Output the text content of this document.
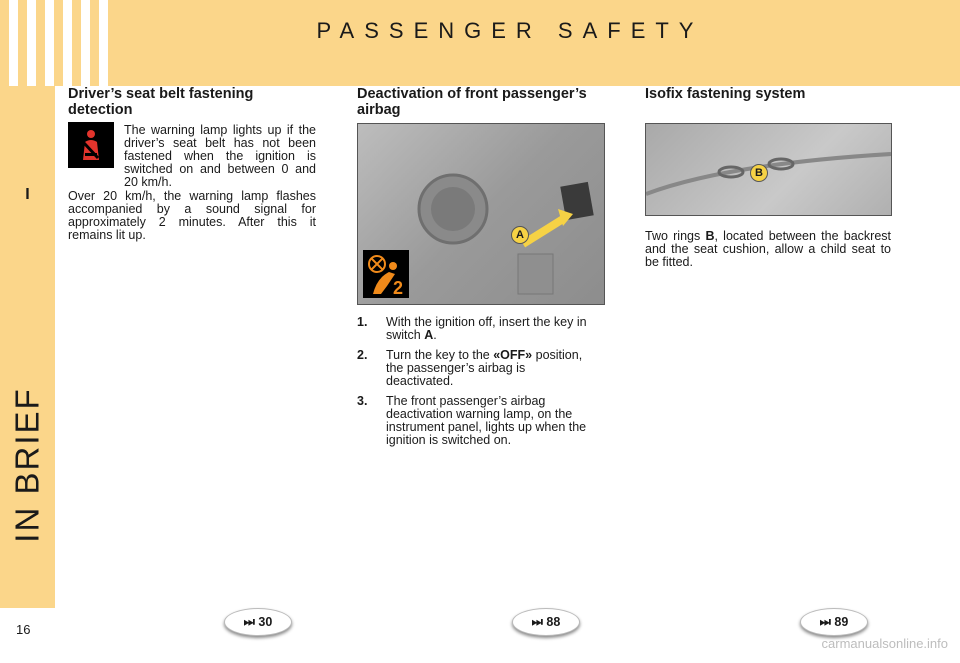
PASSENGER SAFETY
I
IN BRIEF
16
Driver’s seat belt fastening detection

The warning lamp lights up if the driver’s seat belt has not been fastened when the ignition is switched on and between 0 and 20 km/h.

Over 20 km/h, the warning lamp flashes accompanied by a sound signal for approximately 2 minutes. After this it remains lit up.

Deactivation of front passenger’s airbag
A
2
1.	With the ignition off, insert the key in switch A.
2.	Turn the key to the «OFF» position, the passenger’s airbag is deactivated.
3.	The front passenger’s airbag deactivation warning lamp, on the instrument panel, lights up when the ignition is switched on.
Isofix fastening system
B

Two rings B, located between the backrest and the seat cushion, allow a child seat to be fitted.

⏭ 30	⏭ 88	⏭ 89
carmanualsonline.info
